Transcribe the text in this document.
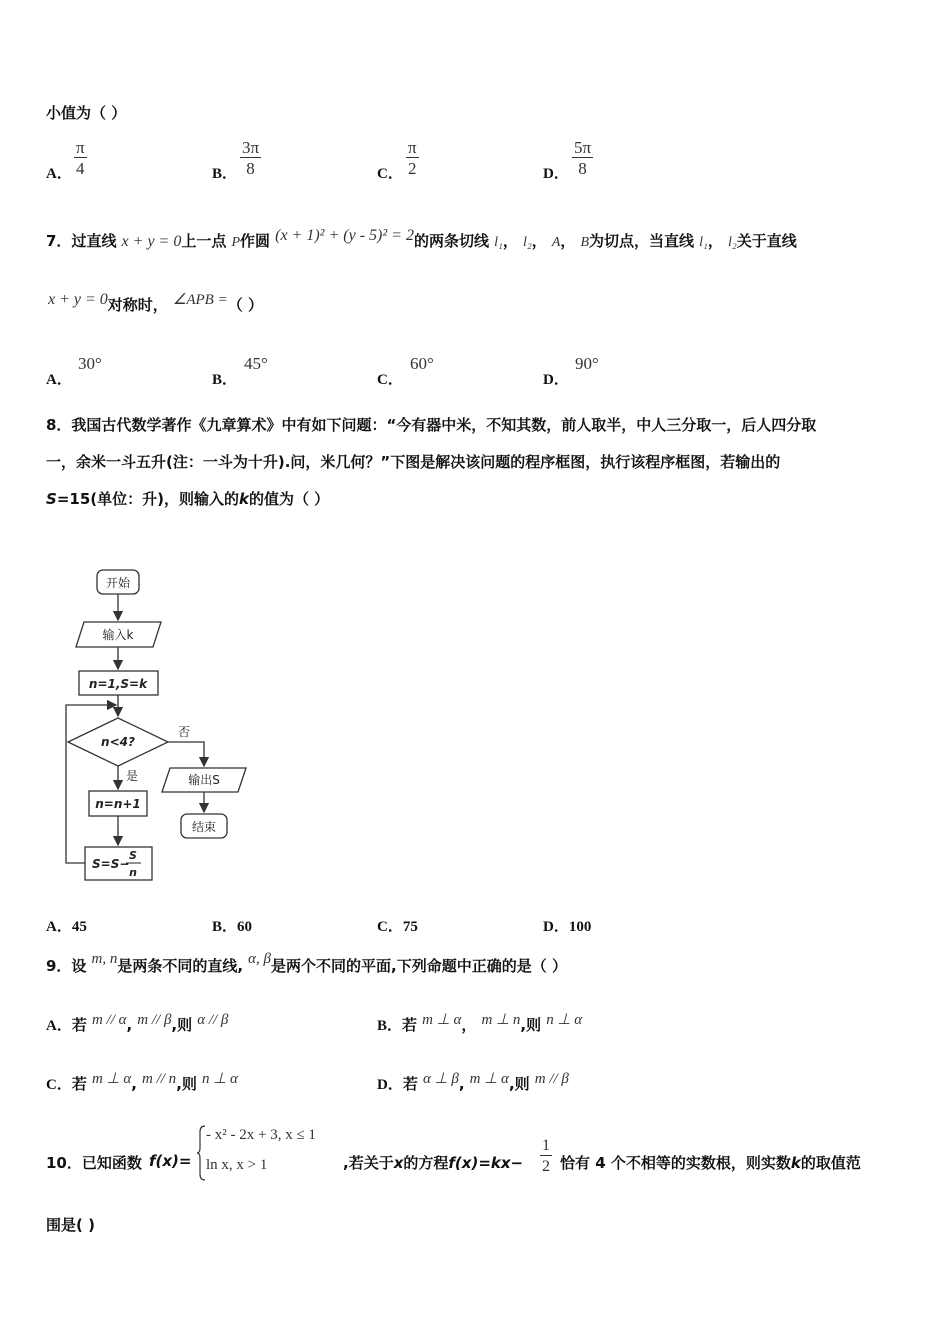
小值为（ ）
A．
π
4	B．
3π
8	C．
π
2	D．
5π
8
7．过直线 x + y = 0上一点 P作圆 (x + 1)² + (y - 5)² = 2的两条切线 l₁， l₂， A， B为切点，当直线 l₁， l₂关于直线
x + y = 0对称时， ∠APB =（ ）
A．
30°
B．
45°
C．
60°
D．
90°
8．我国古代数学著作《九章算术》中有如下问题：“今有器中米，不知其数，前人取半，中人三分取一，后人四分取
一，余米一斗五升(注：一斗为十升).问，米几何？”下图是解决该问题的程序框图，执行该程序框图，若输出的
S=15(单位：升)，则输入的k的值为（ ）
开始
输入k
n=1,S=k
n<4?
否
是	输出S
结束
n=n+1
S=S−
S
n
A．45	B．60	C．75	D．100
9．设 m, n是两条不同的直线, α, β是两个不同的平面,下列命题中正确的是（ ）
A．若 m // α, m // β,则 α // β	B．若 m ⊥ α， m ⊥ n,则 n ⊥ α
C．若 m ⊥ α, m // n,则 n ⊥ α	D．若 α ⊥ β, m ⊥ α,则 m // β
10．已知函数 f(x)=
- x² - 2x + 3, x ≤ 1
ln x, x > 1	,若关于x的方程f(x)=kx−
1
2 恰有 4 个不相等的实数根，则实数k的取值范
围是( )
